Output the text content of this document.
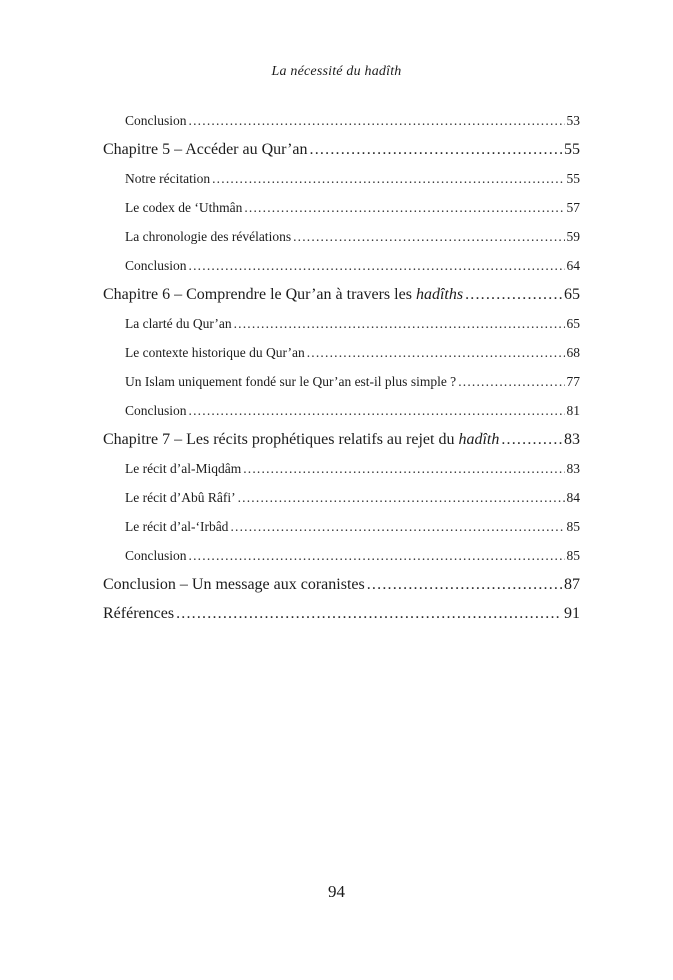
La nécessité du hadîth
Conclusion .....	53
Chapitre 5 – Accéder au Qur’an .....	55
Notre récitation .....	55
Le codex de ‘Uthmân .....	57
La chronologie des révélations .....	59
Conclusion .....	64
Chapitre 6 – Comprendre le Qur’an à travers les hadîths .....	65
La clarté du Qur’an .....	65
Le contexte historique du Qur’an .....	68
Un Islam uniquement fondé sur le Qur’an est-il plus simple ? .....	77
Conclusion .....	81
Chapitre 7 – Les récits prophétiques relatifs au rejet du hadîth .....	83
Le récit d’al-Miqdâm .....	83
Le récit d’Abû Râfi’ .....	84
Le récit d’al-‘Irbâd .....	85
Conclusion .....	85
Conclusion – Un message aux coranistes .....	87
Références .....	91
94
